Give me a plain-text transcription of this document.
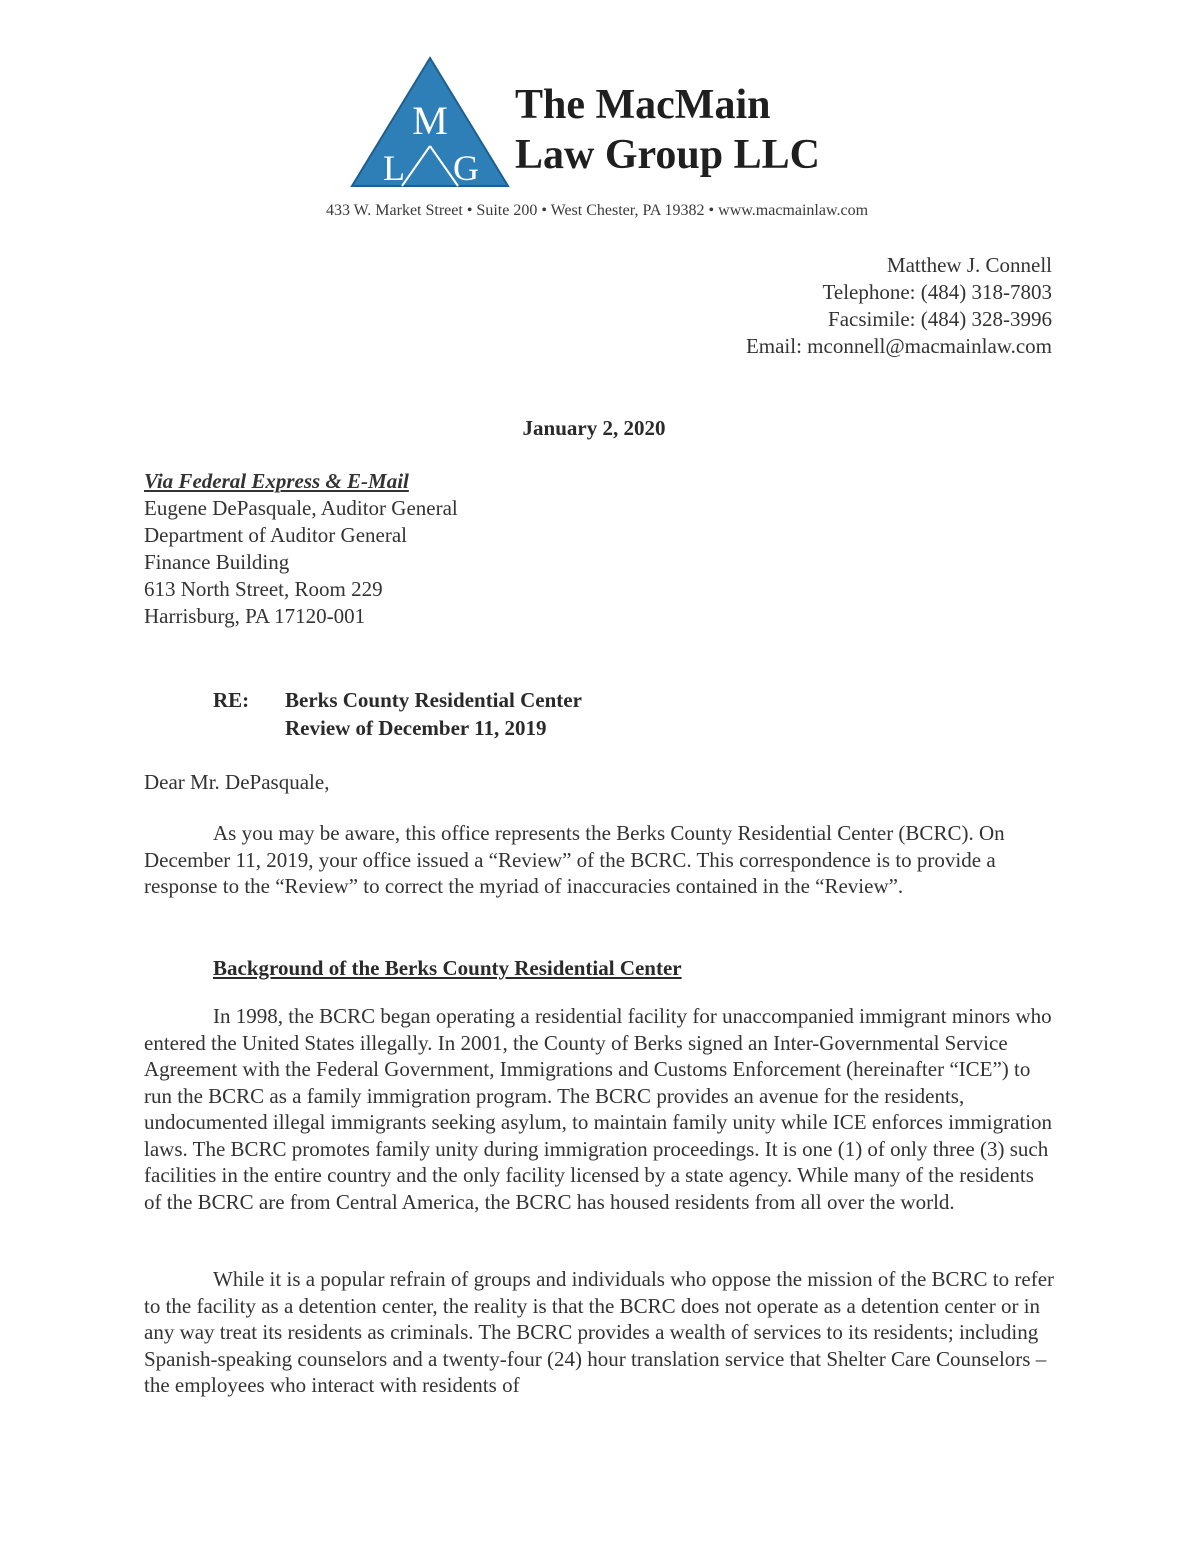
M
L G
The MacMain
Law Group LLC
433 W. Market Street • Suite 200 • West Chester, PA 19382 • www.macmainlaw.com
Matthew J. Connell
Telephone: (484) 318-7803
Facsimile: (484) 328-3996
Email: mconnell@macmainlaw.com
January 2, 2020
Via Federal Express & E-Mail
Eugene DePasquale, Auditor General
Department of Auditor General
Finance Building
613 North Street, Room 229
Harrisburg, PA 17120-001
RE: Berks County Residential Center
Review of December 11, 2019
Dear Mr. DePasquale,

As you may be aware, this office represents the Berks County Residential Center (BCRC). On December 11, 2019, your office issued a “Review” of the BCRC. This correspondence is to provide a response to the “Review” to correct the myriad of inaccuracies contained in the “Review”.

Background of the Berks County Residential Center

In 1998, the BCRC began operating a residential facility for unaccompanied immigrant minors who entered the United States illegally. In 2001, the County of Berks signed an Inter-Governmental Service Agreement with the Federal Government, Immigrations and Customs Enforcement (hereinafter “ICE”) to run the BCRC as a family immigration program. The BCRC provides an avenue for the residents, undocumented illegal immigrants seeking asylum, to maintain family unity while ICE enforces immigration laws. The BCRC promotes family unity during immigration proceedings. It is one (1) of only three (3) such facilities in the entire country and the only facility licensed by a state agency. While many of the residents of the BCRC are from Central America, the BCRC has housed residents from all over the world.

While it is a popular refrain of groups and individuals who oppose the mission of the BCRC to refer to the facility as a detention center, the reality is that the BCRC does not operate as a detention center or in any way treat its residents as criminals. The BCRC provides a wealth of services to its residents; including Spanish-speaking counselors and a twenty-four (24) hour translation service that Shelter Care Counselors – the employees who interact with residents of
